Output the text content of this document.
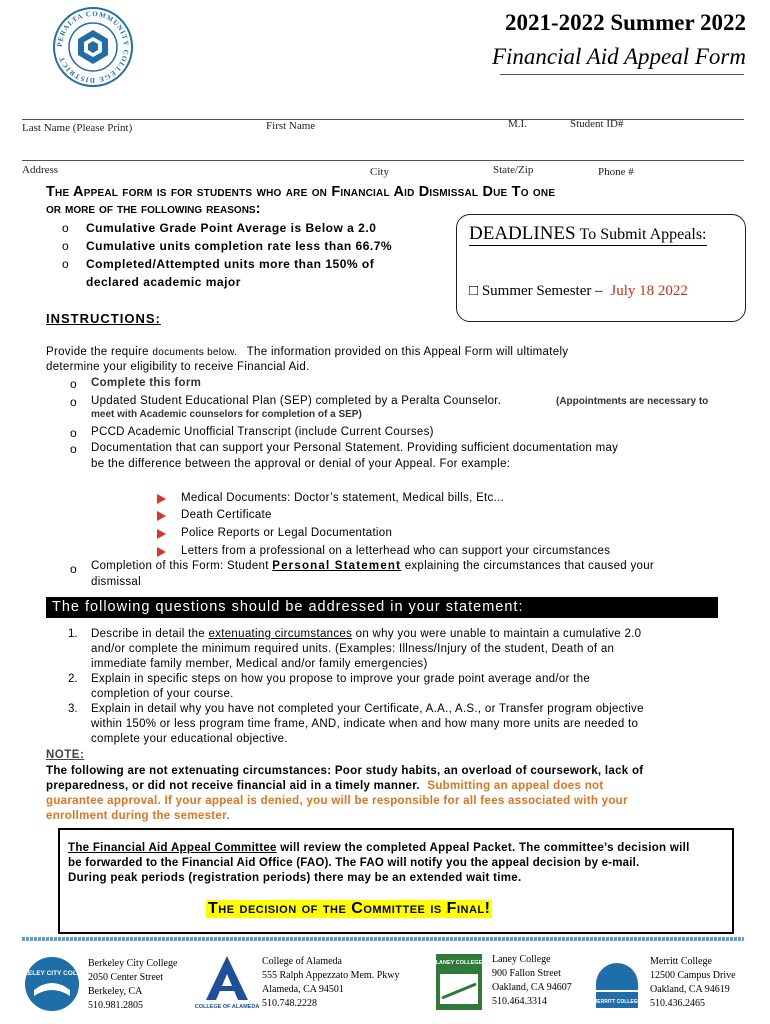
PERALTA COMMUNITY COLLEGE DISTRICT
2021-2022 Summer 2022
Financial Aid Appeal Form
Last Name (Please Print)	First Name	M.I.	Student ID#
Address	City	State/Zip	Phone #
The Appeal form is for students who are on Financial Aid Dismissal Due To one
or more of the following reasons:
o Cumulative Grade Point Average is Below a 2.0
o Cumulative units completion rate less than 66.7%
o Completed/Attempted units more than 150% of
declared academic major
DEADLINES To Submit Appeals:
□ Summer Semester – July 18 2022
INSTRUCTIONS:
Provide the require documents below. The information provided on this Appeal Form will ultimately
determine your eligibility to receive Financial Aid.
o Complete this form
o Updated Student Educational Plan (SEP) completed by a Peralta Counselor.	(Appointments are necessary to
meet with Academic counselors for completion of a SEP)
o PCCD Academic Unofficial Transcript (include Current Courses)
o Documentation that can support your Personal Statement. Providing sufficient documentation may
be the difference between the approval or denial of your Appeal. For example:
Medical Documents: Doctor’s statement, Medical bills, Etc...
Death Certificate
Police Reports or Legal Documentation
Letters from a professional on a letterhead who can support your circumstances
o Completion of this Form: Student Personal Statement explaining the circumstances that caused your
dismissal
The following questions should be addressed in your statement:
1. Describe in detail the extenuating circumstances on why you were unable to maintain a cumulative 2.0
and/or complete the minimum required units. (Examples: Illness/Injury of the student, Death of an
immediate family member, Medical and/or family emergencies)
2. Explain in specific steps on how you propose to improve your grade point average and/or the
completion of your course.
3. Explain in detail why you have not completed your Certificate, A.A., A.S., or Transfer program objective
within 150% or less program time frame, AND, indicate when and how many more units are needed to
complete your educational objective.
NOTE:
The following are not extenuating circumstances: Poor study habits, an overload of coursework, lack of
preparedness, or did not receive financial aid in a timely manner. Submitting an appeal does not
guarantee approval. If your appeal is denied, you will be responsible for all fees associated with your
enrollment during the semester.
The Financial Aid Appeal Committee will review the completed Appeal Packet. The committee’s decision will
be forwarded to the Financial Aid Office (FAO). The FAO will notify you the appeal decision by e-mail.
During peak periods (registration periods) there may be an extended wait time.
The decision of the Committee is Final!
BERKELEY CITY COLLEGE
Berkeley City College
2050 Center Street
Berkeley, CA
510.981.2805	COLLEGE OF ALAMEDA
College of Alameda
555 Ralph Appezzato Mem. Pkwy
Alameda, CA 94501
510.748.2228
LANEY COLLEGE Laney College
900 Fallon Street
Oakland, CA 94607
510.464.3314	MERRITT COLLEGE
Merritt College
12500 Campus Drive
Oakland, CA 94619
510.436.2465
